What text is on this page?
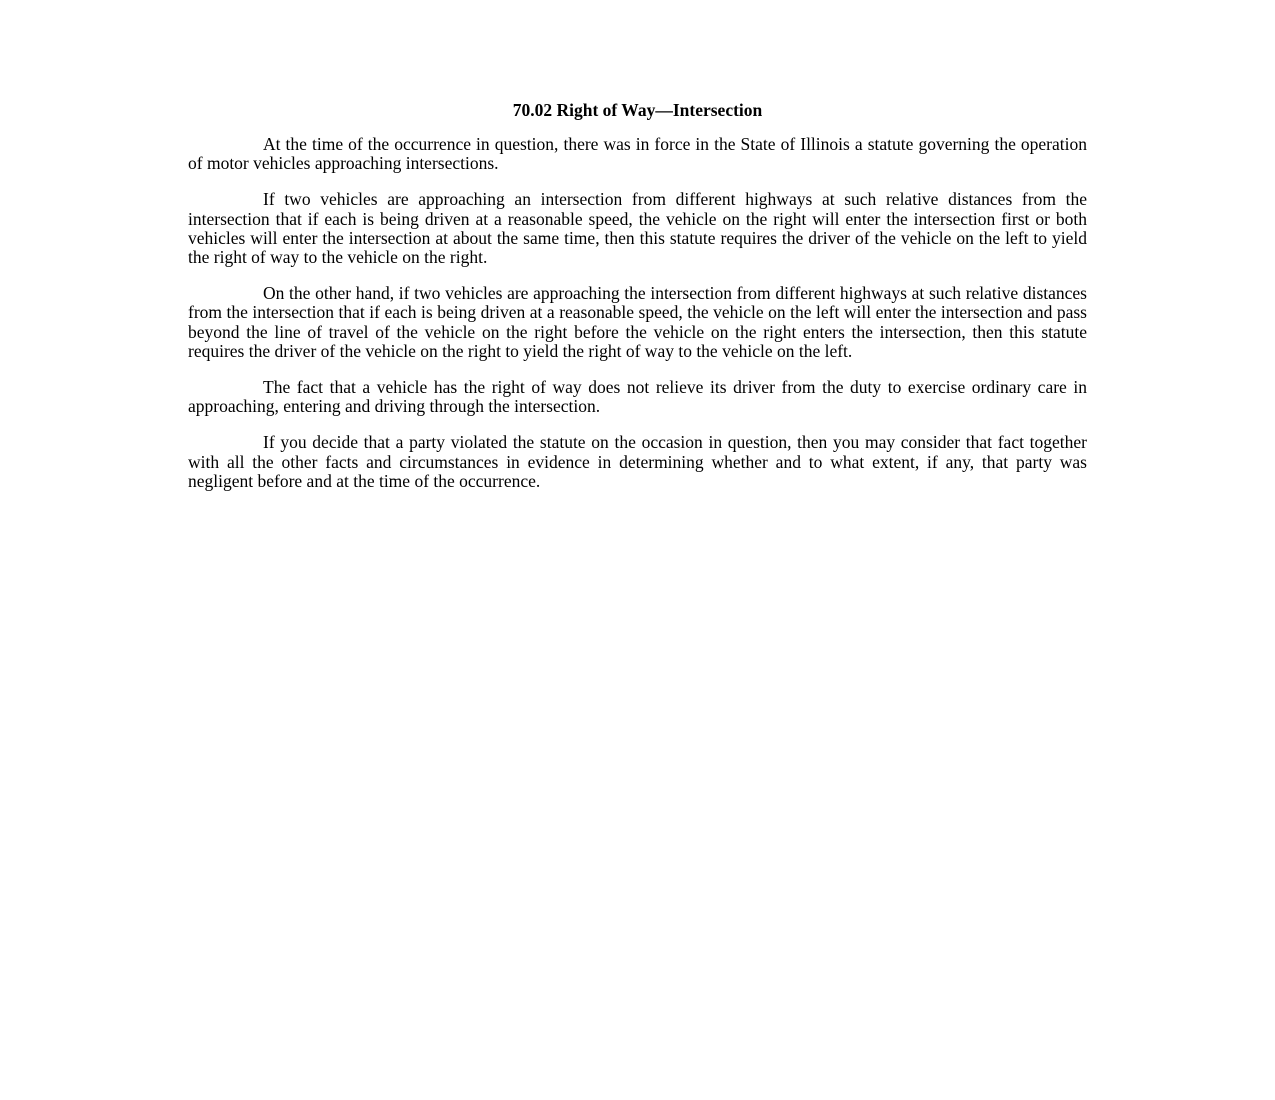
70.02 Right of Way—Intersection

At the time of the occurrence in question, there was in force in the State of Illinois a statute governing the operation of motor vehicles approaching intersections.

If two vehicles are approaching an intersection from different highways at such relative distances from the intersection that if each is being driven at a reasonable speed, the vehicle on the right will enter the intersection first or both vehicles will enter the intersection at about the same time, then this statute requires the driver of the vehicle on the left to yield the right of way to the vehicle on the right.

On the other hand, if two vehicles are approaching the intersection from different highways at such relative distances from the intersection that if each is being driven at a reasonable speed, the vehicle on the left will enter the intersection and pass beyond the line of travel of the vehicle on the right before the vehicle on the right enters the intersection, then this statute requires the driver of the vehicle on the right to yield the right of way to the vehicle on the left.

The fact that a vehicle has the right of way does not relieve its driver from the duty to exercise ordinary care in approaching, entering and driving through the intersection.

If you decide that a party violated the statute on the occasion in question, then you may consider that fact together with all the other facts and circumstances in evidence in determining whether and to what extent, if any, that party was negligent before and at the time of the occurrence.
